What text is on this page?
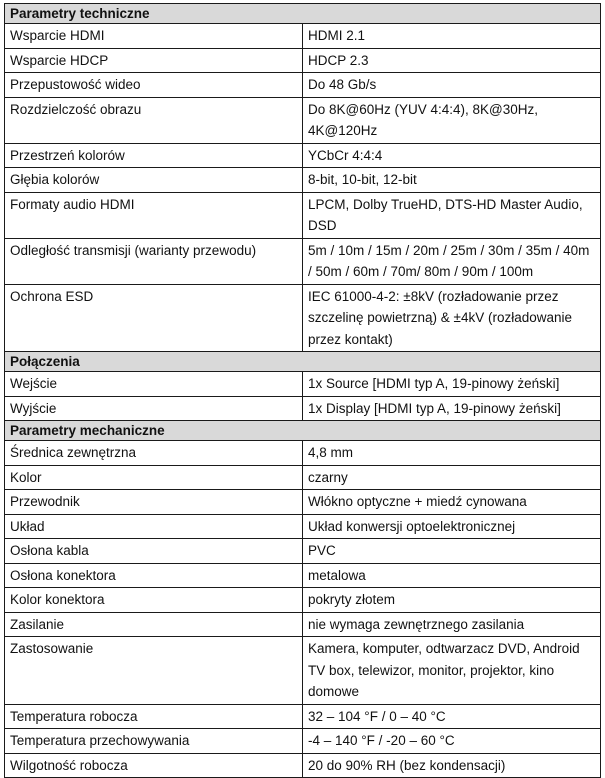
Parametry techniczne	
Wsparcie HDMI	HDMI 2.1
Wsparcie HDCP	HDCP 2.3
Przepustowość wideo	Do 48 Gb/s
Rozdzielczość obrazu	Do 8K@60Hz (YUV 4:4:4), 8K@30Hz, 4K@120Hz
Przestrzeń kolorów	YCbCr 4:4:4
Głębia kolorów	8-bit, 10-bit, 12-bit
Formaty audio HDMI	LPCM, Dolby TrueHD, DTS-HD Master Audio, DSD
Odległość transmisji (warianty przewodu)	5m / 10m / 15m / 20m / 25m / 30m / 35m / 40m / 50m / 60m / 70m/ 80m / 90m / 100m
Ochrona ESD	IEC 61000-4-2: ±8kV (rozładowanie przez szczelinę powietrzną) & ±4kV (rozładowanie przez kontakt)
Połączenia	
Wejście	1x Source [HDMI typ A, 19-pinowy żeński]
Wyjście	1x Display [HDMI typ A, 19-pinowy żeński]
Parametry mechaniczne	
Średnica zewnętrzna	4,8 mm
Kolor	czarny
Przewodnik	Włókno optyczne + miedź cynowana
Układ	Układ konwersji optoelektronicznej
Osłona kabla	PVC
Osłona konektora	metalowa
Kolor konektora	pokryty złotem
Zasilanie	nie wymaga zewnętrznego zasilania
Zastosowanie	Kamera, komputer, odtwarzacz DVD, Android TV box, telewizor, monitor, projektor, kino domowe
Temperatura robocza	32 – 104 °F / 0 – 40 °C
Temperatura przechowywania	-4 – 140 °F / -20 – 60 °C
Wilgotność robocza	20 do 90% RH (bez kondensacji)
